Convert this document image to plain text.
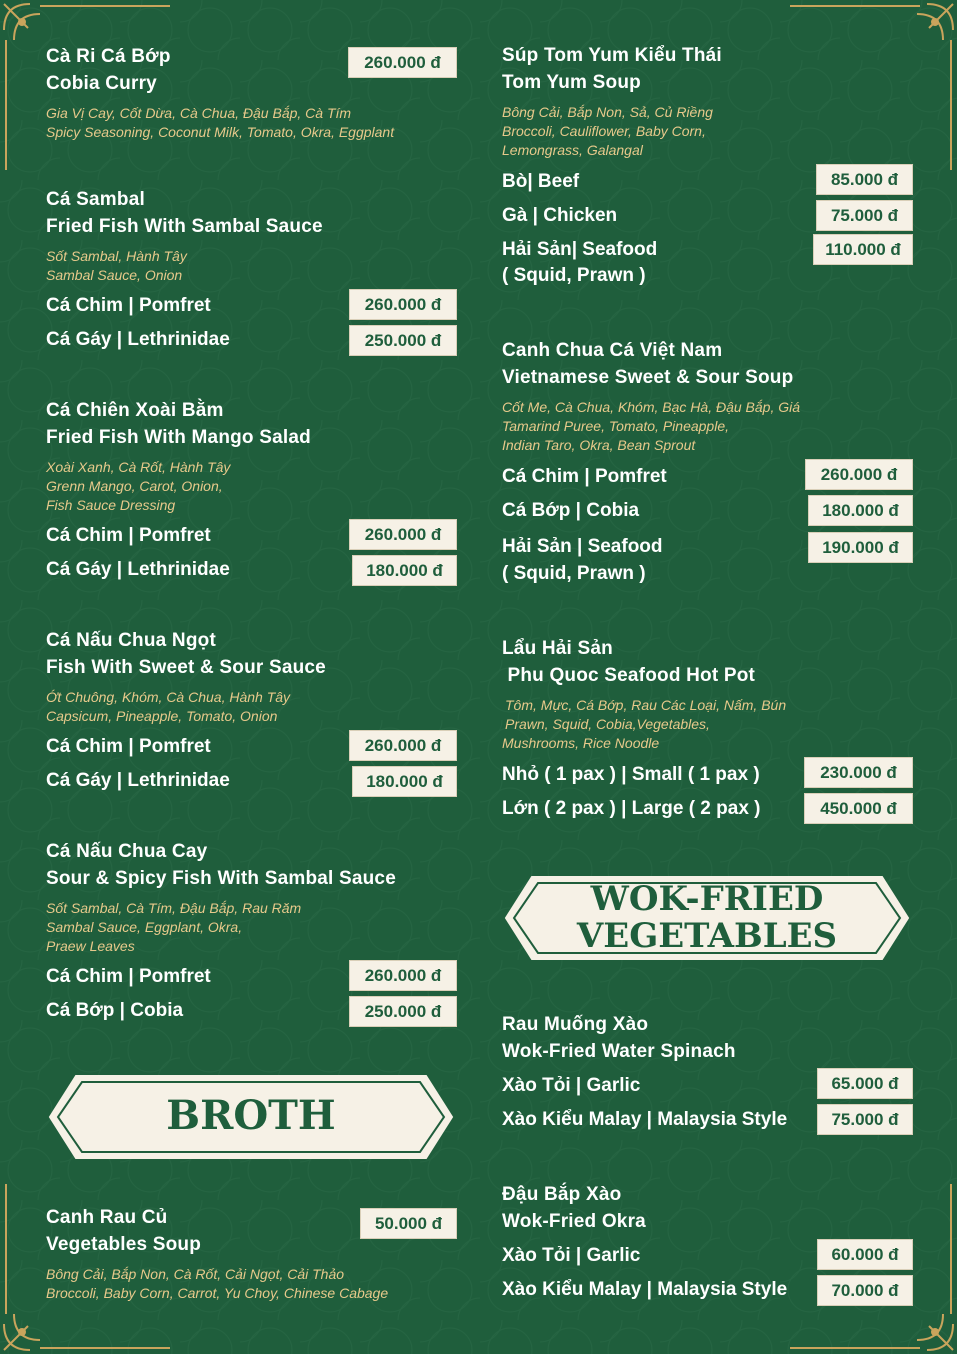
Cà Ri Cá Bớp
Cobia Curry
260.000 đ
Gia Vị Cay, Cốt Dừa, Cà Chua, Đậu Bắp, Cà Tím
Spicy Seasoning, Coconut Milk, Tomato, Okra, Eggplant
Cá Sambal
Fried Fish With Sambal Sauce
Sốt Sambal, Hành Tây
Sambal Sauce, Onion
Cá Chim | Pomfret	260.000 đ
Cá Gáy | Lethrinidae	250.000 đ
Cá Chiên Xoài Bằm
Fried Fish With Mango Salad
Xoài Xanh, Cà Rốt, Hành Tây
Grenn Mango, Carot, Onion,
Fish Sauce Dressing
Cá Chim | Pomfret	260.000 đ
Cá Gáy | Lethrinidae	180.000 đ
Cá Nấu Chua Ngọt
Fish With Sweet & Sour Sauce
Ớt Chuông, Khóm, Cà Chua, Hành Tây
Capsicum, Pineapple, Tomato, Onion
Cá Chim | Pomfret	260.000 đ
Cá Gáy | Lethrinidae	180.000 đ
Cá Nấu Chua Cay
Sour & Spicy Fish With Sambal Sauce
Sốt Sambal, Cà Tím, Đậu Bắp, Rau Răm
Sambal Sauce, Eggplant, Okra,
Praew Leaves
Cá Chim | Pomfret	260.000 đ
Cá Bớp | Cobia	250.000 đ
BROTH
Canh Rau Củ
Vegetables Soup
50.000 đ
Bông Cải, Bắp Non, Cà Rốt, Cải Ngọt, Cải Thảo
Broccoli, Baby Corn, Carrot, Yu Choy, Chinese Cabage
Súp Tom Yum Kiểu Thái
Tom Yum Soup
Bông Cải, Bắp Non, Sả, Củ Riềng
Broccoli, Cauliflower, Baby Corn,
Lemongrass, Galangal
Bò| Beef	85.000 đ
Gà | Chicken	75.000 đ
Hải Sản| Seafood
( Squid, Prawn )
110.000 đ
Canh Chua Cá Việt Nam
Vietnamese Sweet & Sour Soup
Cốt Me, Cà Chua, Khóm, Bạc Hà, Đậu Bắp, Giá
Tamarind Puree, Tomato, Pineapple,
Indian Taro, Okra, Bean Sprout
Cá Chim | Pomfret	260.000 đ
Cá Bớp | Cobia	180.000 đ
Hải Sản | Seafood
( Squid, Prawn )
190.000 đ
Lẩu Hải Sản
Phu Quoc Seafood Hot Pot
Tôm, Mực, Cá Bớp, Rau Các Loại, Nấm, Bún
Prawn, Squid, Cobia,Vegetables,
Mushrooms, Rice Noodle
Nhỏ ( 1 pax ) | Small ( 1 pax )	230.000 đ
Lớn ( 2 pax ) | Large ( 2 pax )	450.000 đ
WOK-FRIED
VEGETABLES
Rau Muống Xào
Wok-Fried Water Spinach
Xào Tỏi | Garlic	65.000 đ
Xào Kiểu Malay | Malaysia Style	75.000 đ
Đậu Bắp Xào
Wok-Fried Okra
Xào Tỏi | Garlic	60.000 đ
Xào Kiểu Malay | Malaysia Style	70.000 đ
